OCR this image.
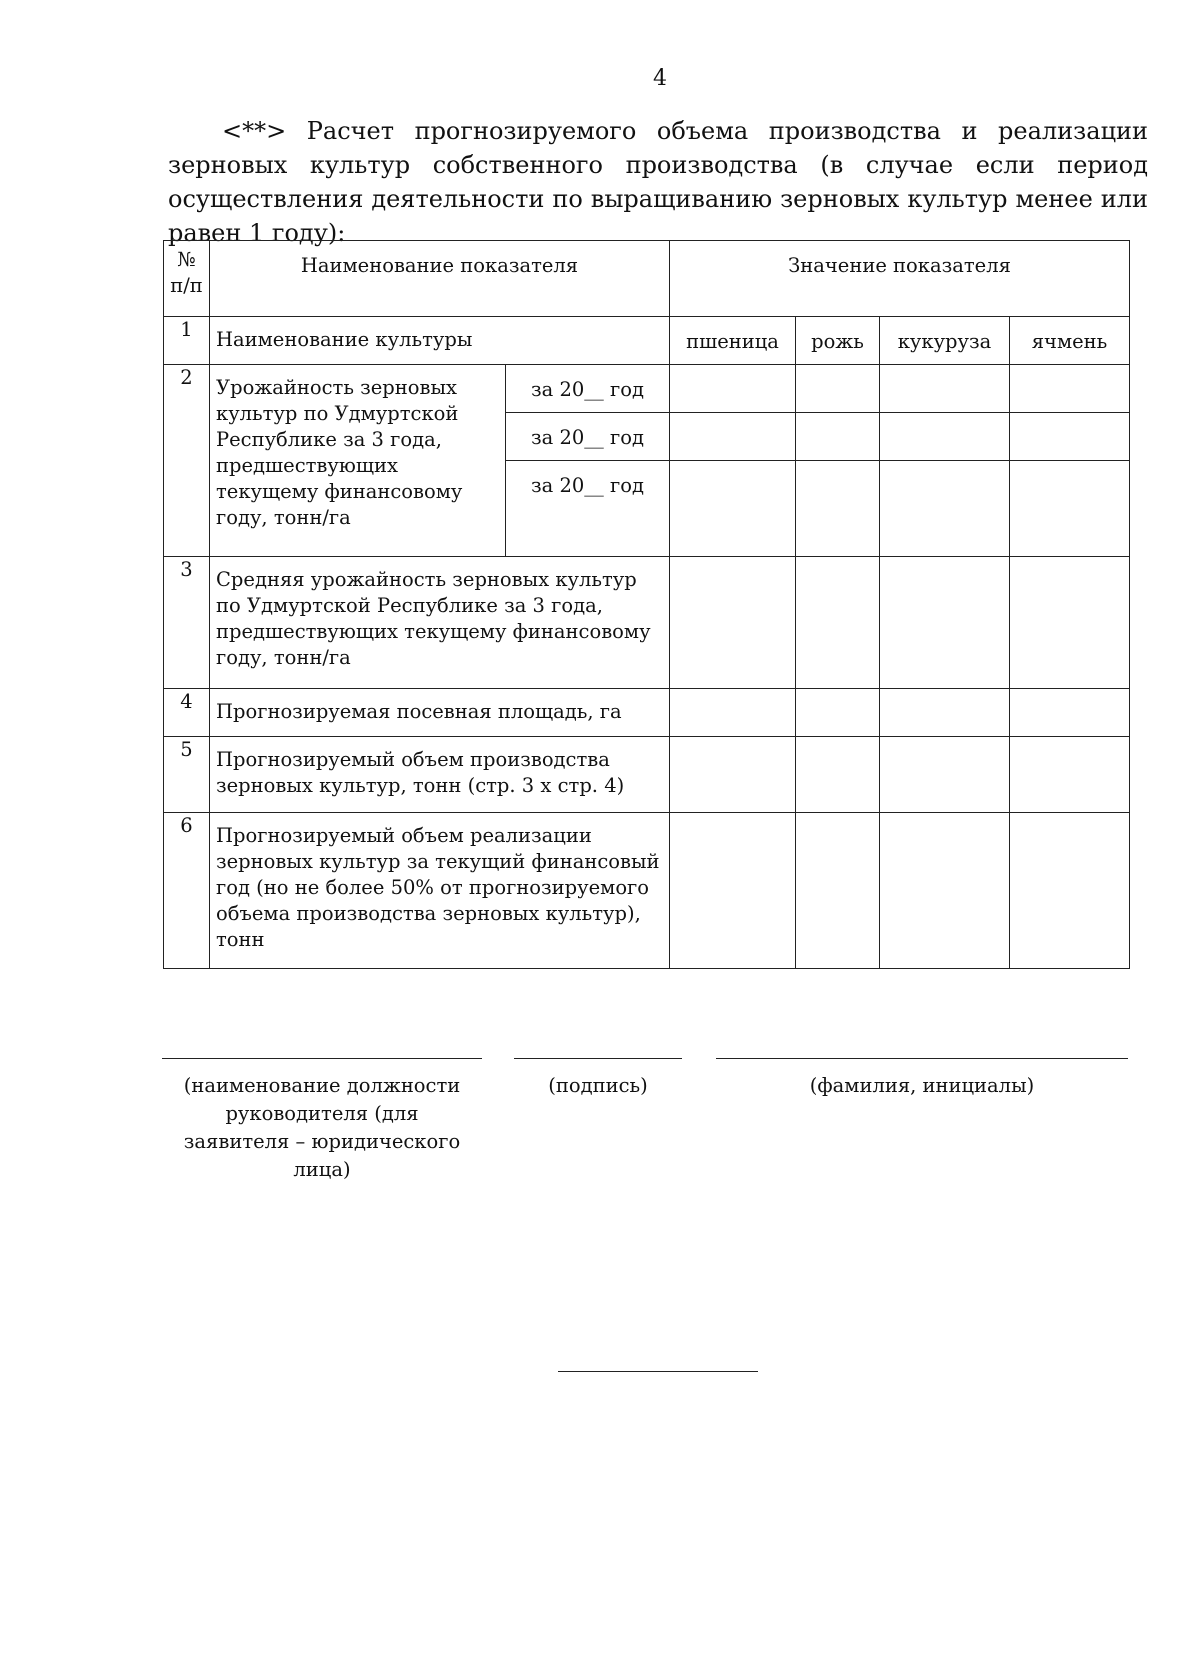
4
<**> Расчет прогнозируемого объема производства и реализации зерновых культур собственного производства (в случае если период осуществления деятельности по выращиванию зерновых культур менее или равен 1 году):
№ п/п	Наименование показателя		Значение показателя			
1	Наименование культуры		пшеница	рожь	кукуруза	ячмень
2	Урожайность зерновых культур по Удмуртской Республике за 3 года, предшествующих текущему финансовому году, тонн/га	за 20__ год				
		за 20__ год				
		за 20__ год				
3	Средняя урожайность зерновых культур по Удмуртской Республике за 3 года, предшествующих текущему финансовому году, тонн/га					
4	Прогнозируемая посевная площадь, га					
5	Прогнозируемый объем производства зерновых культур, тонн (стр. 3 х стр. 4)					
6	Прогнозируемый объем реализации зерновых культур за текущий финансовый год (но не более 50% от прогнозируемого объема производства зерновых культур), тонн					
(наименование должности руководителя (для заявителя – юридического лица)
(подпись)	(фамилия, инициалы)
